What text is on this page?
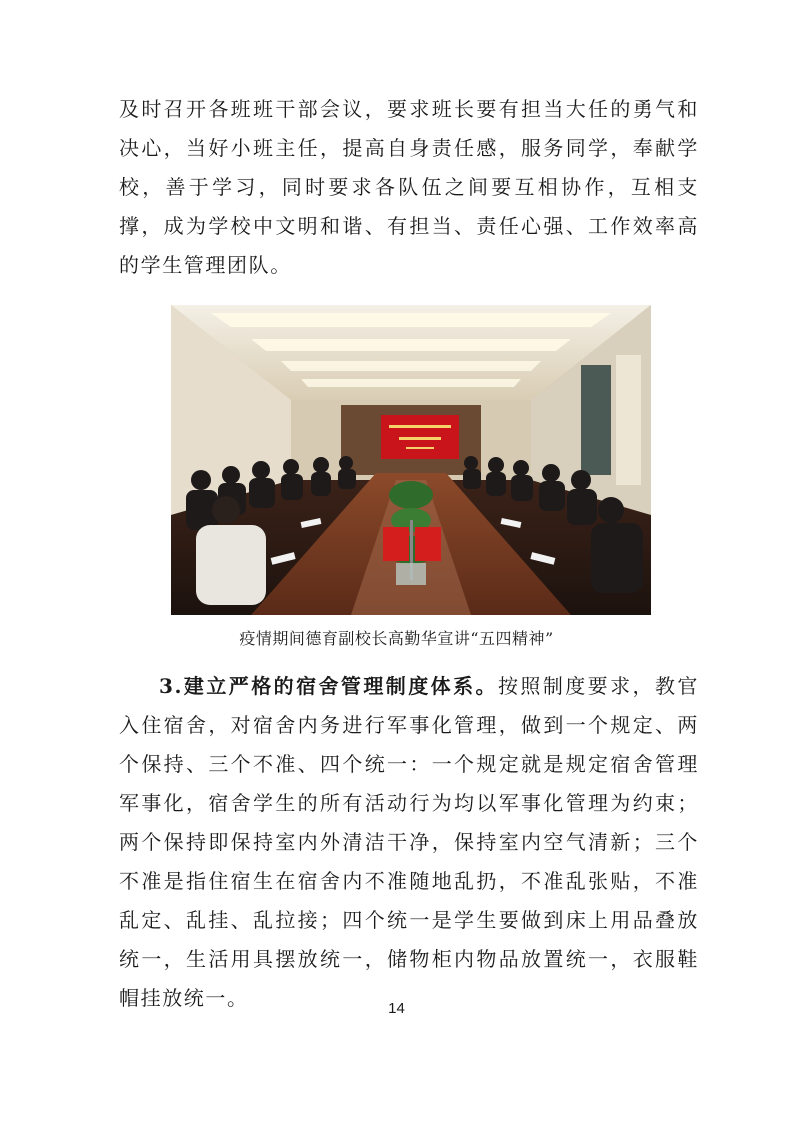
及时召开各班班干部会议，要求班长要有担当大任的勇气和决心，当好小班主任，提高自身责任感，服务同学，奉献学校，善于学习，同时要求各队伍之间要互相协作，互相支撑，成为学校中文明和谐、有担当、责任心强、工作效率高的学生管理团队。

疫情期间德育副校长高勤华宣讲“五四精神”

3.建立严格的宿舍管理制度体系。按照制度要求，教官入住宿舍，对宿舍内务进行军事化管理，做到一个规定、两个保持、三个不准、四个统一：一个规定就是规定宿舍管理军事化，宿舍学生的所有活动行为均以军事化管理为约束；两个保持即保持室内外清洁干净，保持室内空气清新；三个不准是指住宿生在宿舍内不准随地乱扔，不准乱张贴，不准乱定、乱挂、乱拉接；四个统一是学生要做到床上用品叠放统一，生活用具摆放统一，储物柜内物品放置统一，衣服鞋帽挂放统一。	14
